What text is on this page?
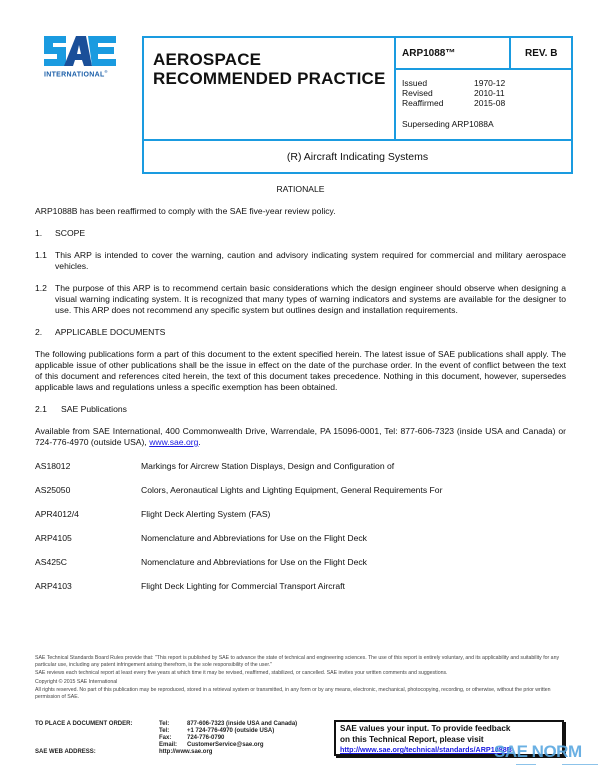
INTERNATIONAL®
AEROSPACE
RECOMMENDED PRACTICE
ARP1088™	REV. B
Issued	1970-12
Revised	2010-11
Reaffirmed	2015-08
Superseding ARP1088A
(R) Aircraft Indicating Systems
RATIONALE
ARP1088B has been reaffirmed to comply with the SAE five-year review policy.
1.	SCOPE
1.1 This ARP is intended to cover the warning, caution and advisory indicating system required for commercial and military aerospace vehicles.
1.2 The purpose of this ARP is to recommend certain basic considerations which the design engineer should observe when designing a visual warning indicating system. It is recognized that many types of warning indicators and systems are available for the designer to use. This ARP does not recommend any specific system but outlines design and installation requirements.
2.	APPLICABLE DOCUMENTS
The following publications form a part of this document to the extent specified herein. The latest issue of SAE publications shall apply. The applicable issue of other publications shall be the issue in effect on the date of the purchase order. In the event of conflict between the text of this document and references cited herein, the text of this document takes precedence. Nothing in this document, however, supersedes applicable laws and regulations unless a specific exemption has been obtained.
2.1	SAE Publications
Available from SAE International, 400 Commonwealth Drive, Warrendale, PA 15096-0001, Tel: 877-606-7323 (inside USA and Canada) or 724-776-4970 (outside USA), www.sae.org.
AS18012	Markings for Aircrew Station Displays, Design and Configuration of
AS25050	Colors, Aeronautical Lights and Lighting Equipment, General Requirements For
APR4012/4	Flight Deck Alerting System (FAS)
ARP4105	Nomenclature and Abbreviations for Use on the Flight Deck
AS425C	Nomenclature and Abbreviations for Use on the Flight Deck
ARP4103	Flight Deck Lighting for Commercial Transport Aircraft
SAE Technical Standards Board Rules provide that: "This report is published by SAE to advance the state of technical and engineering sciences. The use of this report is entirely voluntary, and its applicability and suitability for any particular use, including any patent infringement arising therefrom, is the sole responsibility of the user."
SAE reviews each technical report at least every five years at which time it may be revised, reaffirmed, stabilized, or cancelled. SAE invites your written comments and suggestions.
Copyright © 2015 SAE International
All rights reserved. No part of this publication may be reproduced, stored in a retrieval system or transmitted, in any form or by any means, electronic, mechanical, photocopying, recording, or otherwise, without the prior written permission of SAE.
TO PLACE A DOCUMENT ORDER:	Tel:	877-606-7323 (inside USA and Canada)
Tel:	+1 724-776-4970 (outside USA)
Fax:	724-776-0790
Email:	CustomerService@sae.org
SAE WEB ADDRESS:	http://www.sae.org
SAE values your input. To provide feedback
on this Technical Report, please visit
http://www.sae.org/technical/standards/ARP1088B
SAE NORM
